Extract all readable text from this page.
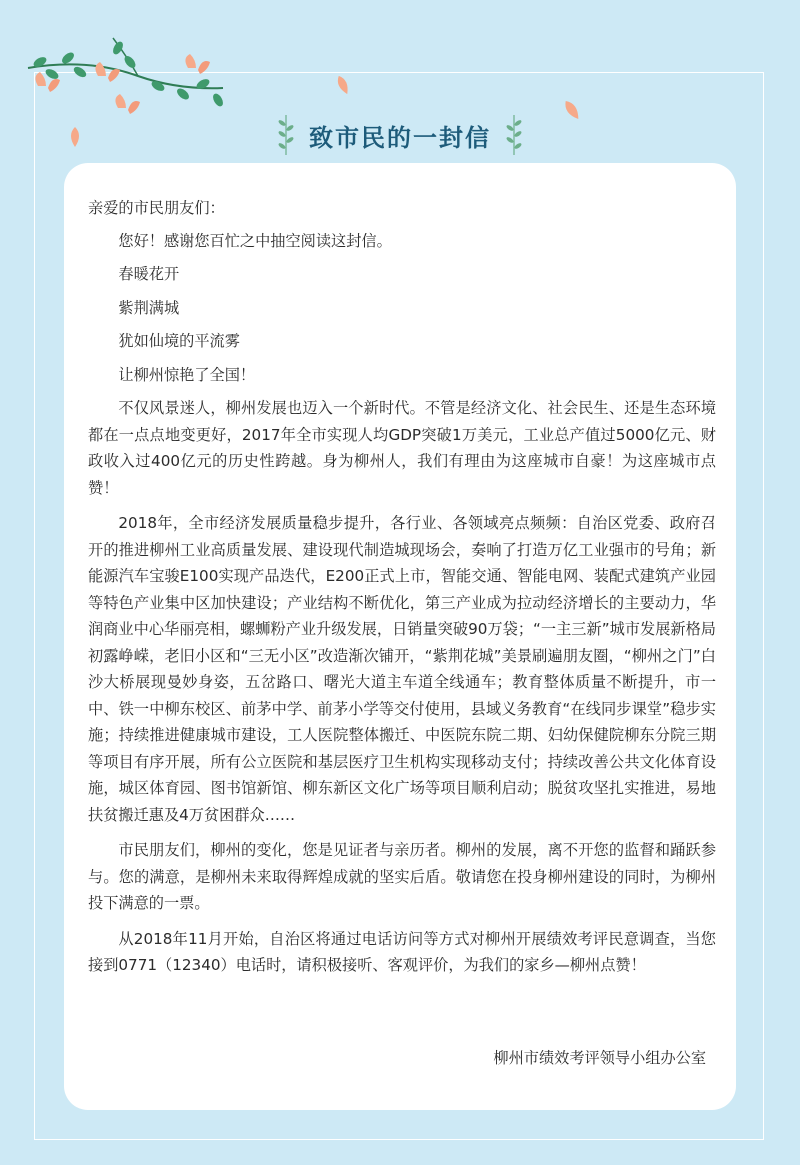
致市民的一封信

亲爱的市民朋友们：

您好！感谢您百忙之中抽空阅读这封信。

春暖花开

紫荆满城

犹如仙境的平流雾

让柳州惊艳了全国！

不仅风景迷人，柳州发展也迈入一个新时代。不管是经济文化、社会民生、还是生态环境都在一点点地变更好，2017年全市实现人均GDP突破1万美元，工业总产值过5000亿元、财政收入过400亿元的历史性跨越。身为柳州人，我们有理由为这座城市自豪！为这座城市点赞！

2018年，全市经济发展质量稳步提升，各行业、各领域亮点频频：自治区党委、政府召开的推进柳州工业高质量发展、建设现代制造城现场会，奏响了打造万亿工业强市的号角；新能源汽车宝骏E100实现产品迭代，E200正式上市，智能交通、智能电网、装配式建筑产业园等特色产业集中区加快建设；产业结构不断优化，第三产业成为拉动经济增长的主要动力，华润商业中心华丽亮相，螺蛳粉产业升级发展，日销量突破90万袋；“一主三新”城市发展新格局初露峥嵘，老旧小区和“三无小区”改造渐次铺开，“紫荆花城”美景刷遍朋友圈，“柳州之门”白沙大桥展现曼妙身姿，五岔路口、曙光大道主车道全线通车；教育整体质量不断提升，市一中、铁一中柳东校区、前茅中学、前茅小学等交付使用，县域义务教育“在线同步课堂”稳步实施；持续推进健康城市建设，工人医院整体搬迁、中医院东院二期、妇幼保健院柳东分院三期等项目有序开展，所有公立医院和基层医疗卫生机构实现移动支付；持续改善公共文化体育设施，城区体育园、图书馆新馆、柳东新区文化广场等项目顺利启动；脱贫攻坚扎实推进，易地扶贫搬迁惠及4万贫困群众……

市民朋友们，柳州的变化，您是见证者与亲历者。柳州的发展，离不开您的监督和踊跃参与。您的满意，是柳州未来取得辉煌成就的坚实后盾。敬请您在投身柳州建设的同时，为柳州投下满意的一票。

从2018年11月开始，自治区将通过电话访问等方式对柳州开展绩效考评民意调查，当您接到0771（12340）电话时，请积极接听、客观评价，为我们的家乡—柳州点赞！

柳州市绩效考评领导小组办公室
